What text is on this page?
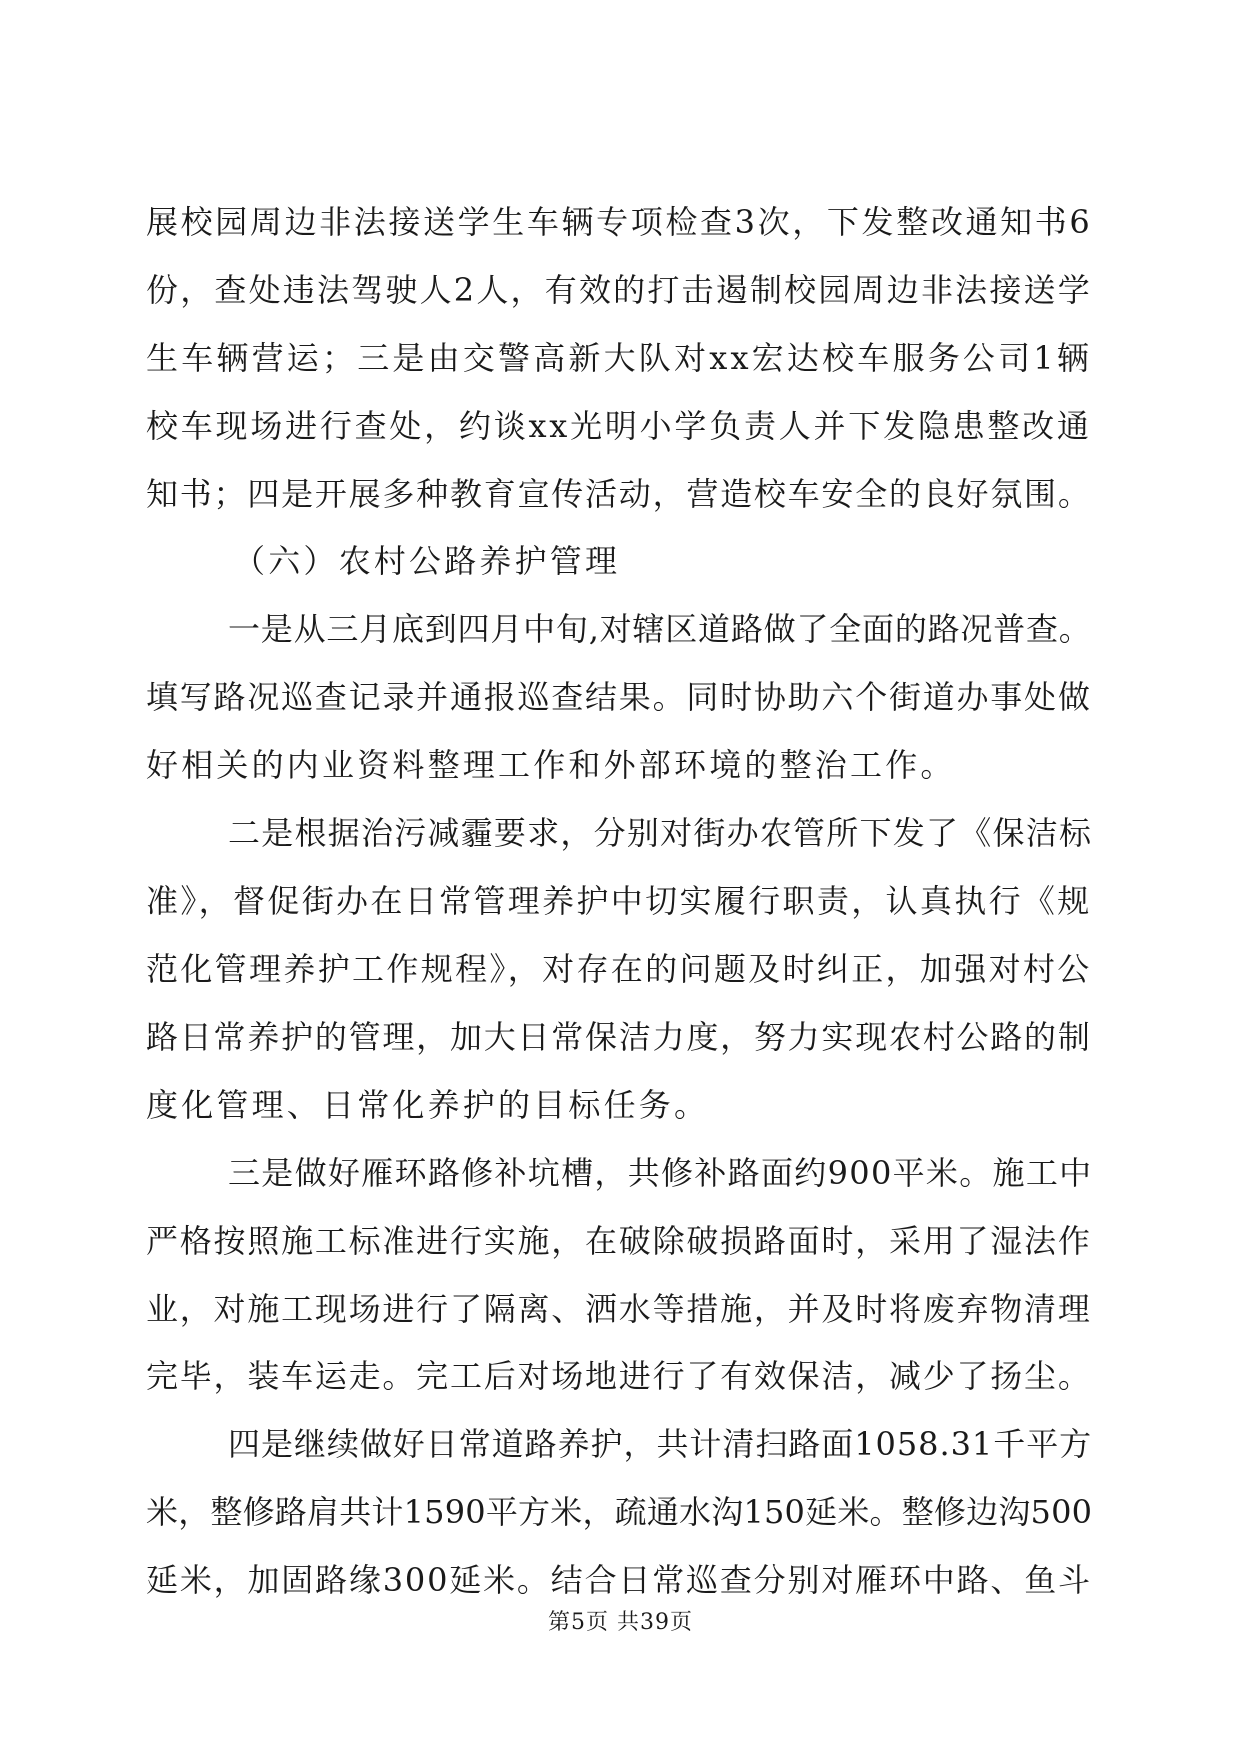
展校园周边非法接送学生车辆专项检查3次，下发整改通知书6
份，查处违法驾驶人2人，有效的打击遏制校园周边非法接送学
生车辆营运；三是由交警高新大队对xx宏达校车服务公司1辆
校车现场进行查处，约谈xx光明小学负责人并下发隐患整改通
知书；四是开展多种教育宣传活动，营造校车安全的良好氛围。
（六）农村公路养护管理
一是从三月底到四月中旬,对辖区道路做了全面的路况普查。
填写路况巡查记录并通报巡查结果。同时协助六个街道办事处做
好相关的内业资料整理工作和外部环境的整治工作。
二是根据治污减霾要求，分别对街办农管所下发了《保洁标
准》，督促街办在日常管理养护中切实履行职责，认真执行《规
范化管理养护工作规程》，对存在的问题及时纠正，加强对村公
路日常养护的管理，加大日常保洁力度，努力实现农村公路的制
度化管理、日常化养护的目标任务。
三是做好雁环路修补坑槽，共修补路面约900平米。施工中
严格按照施工标准进行实施，在破除破损路面时，采用了湿法作
业，对施工现场进行了隔离、洒水等措施，并及时将废弃物清理
完毕，装车运走。完工后对场地进行了有效保洁，减少了扬尘。
四是继续做好日常道路养护，共计清扫路面1058.31千平方
米，整修路肩共计1590平方米，疏通水沟150延米。整修边沟500
延米，加固路缘300延米。结合日常巡查分别对雁环中路、鱼斗
第5页 共39页
